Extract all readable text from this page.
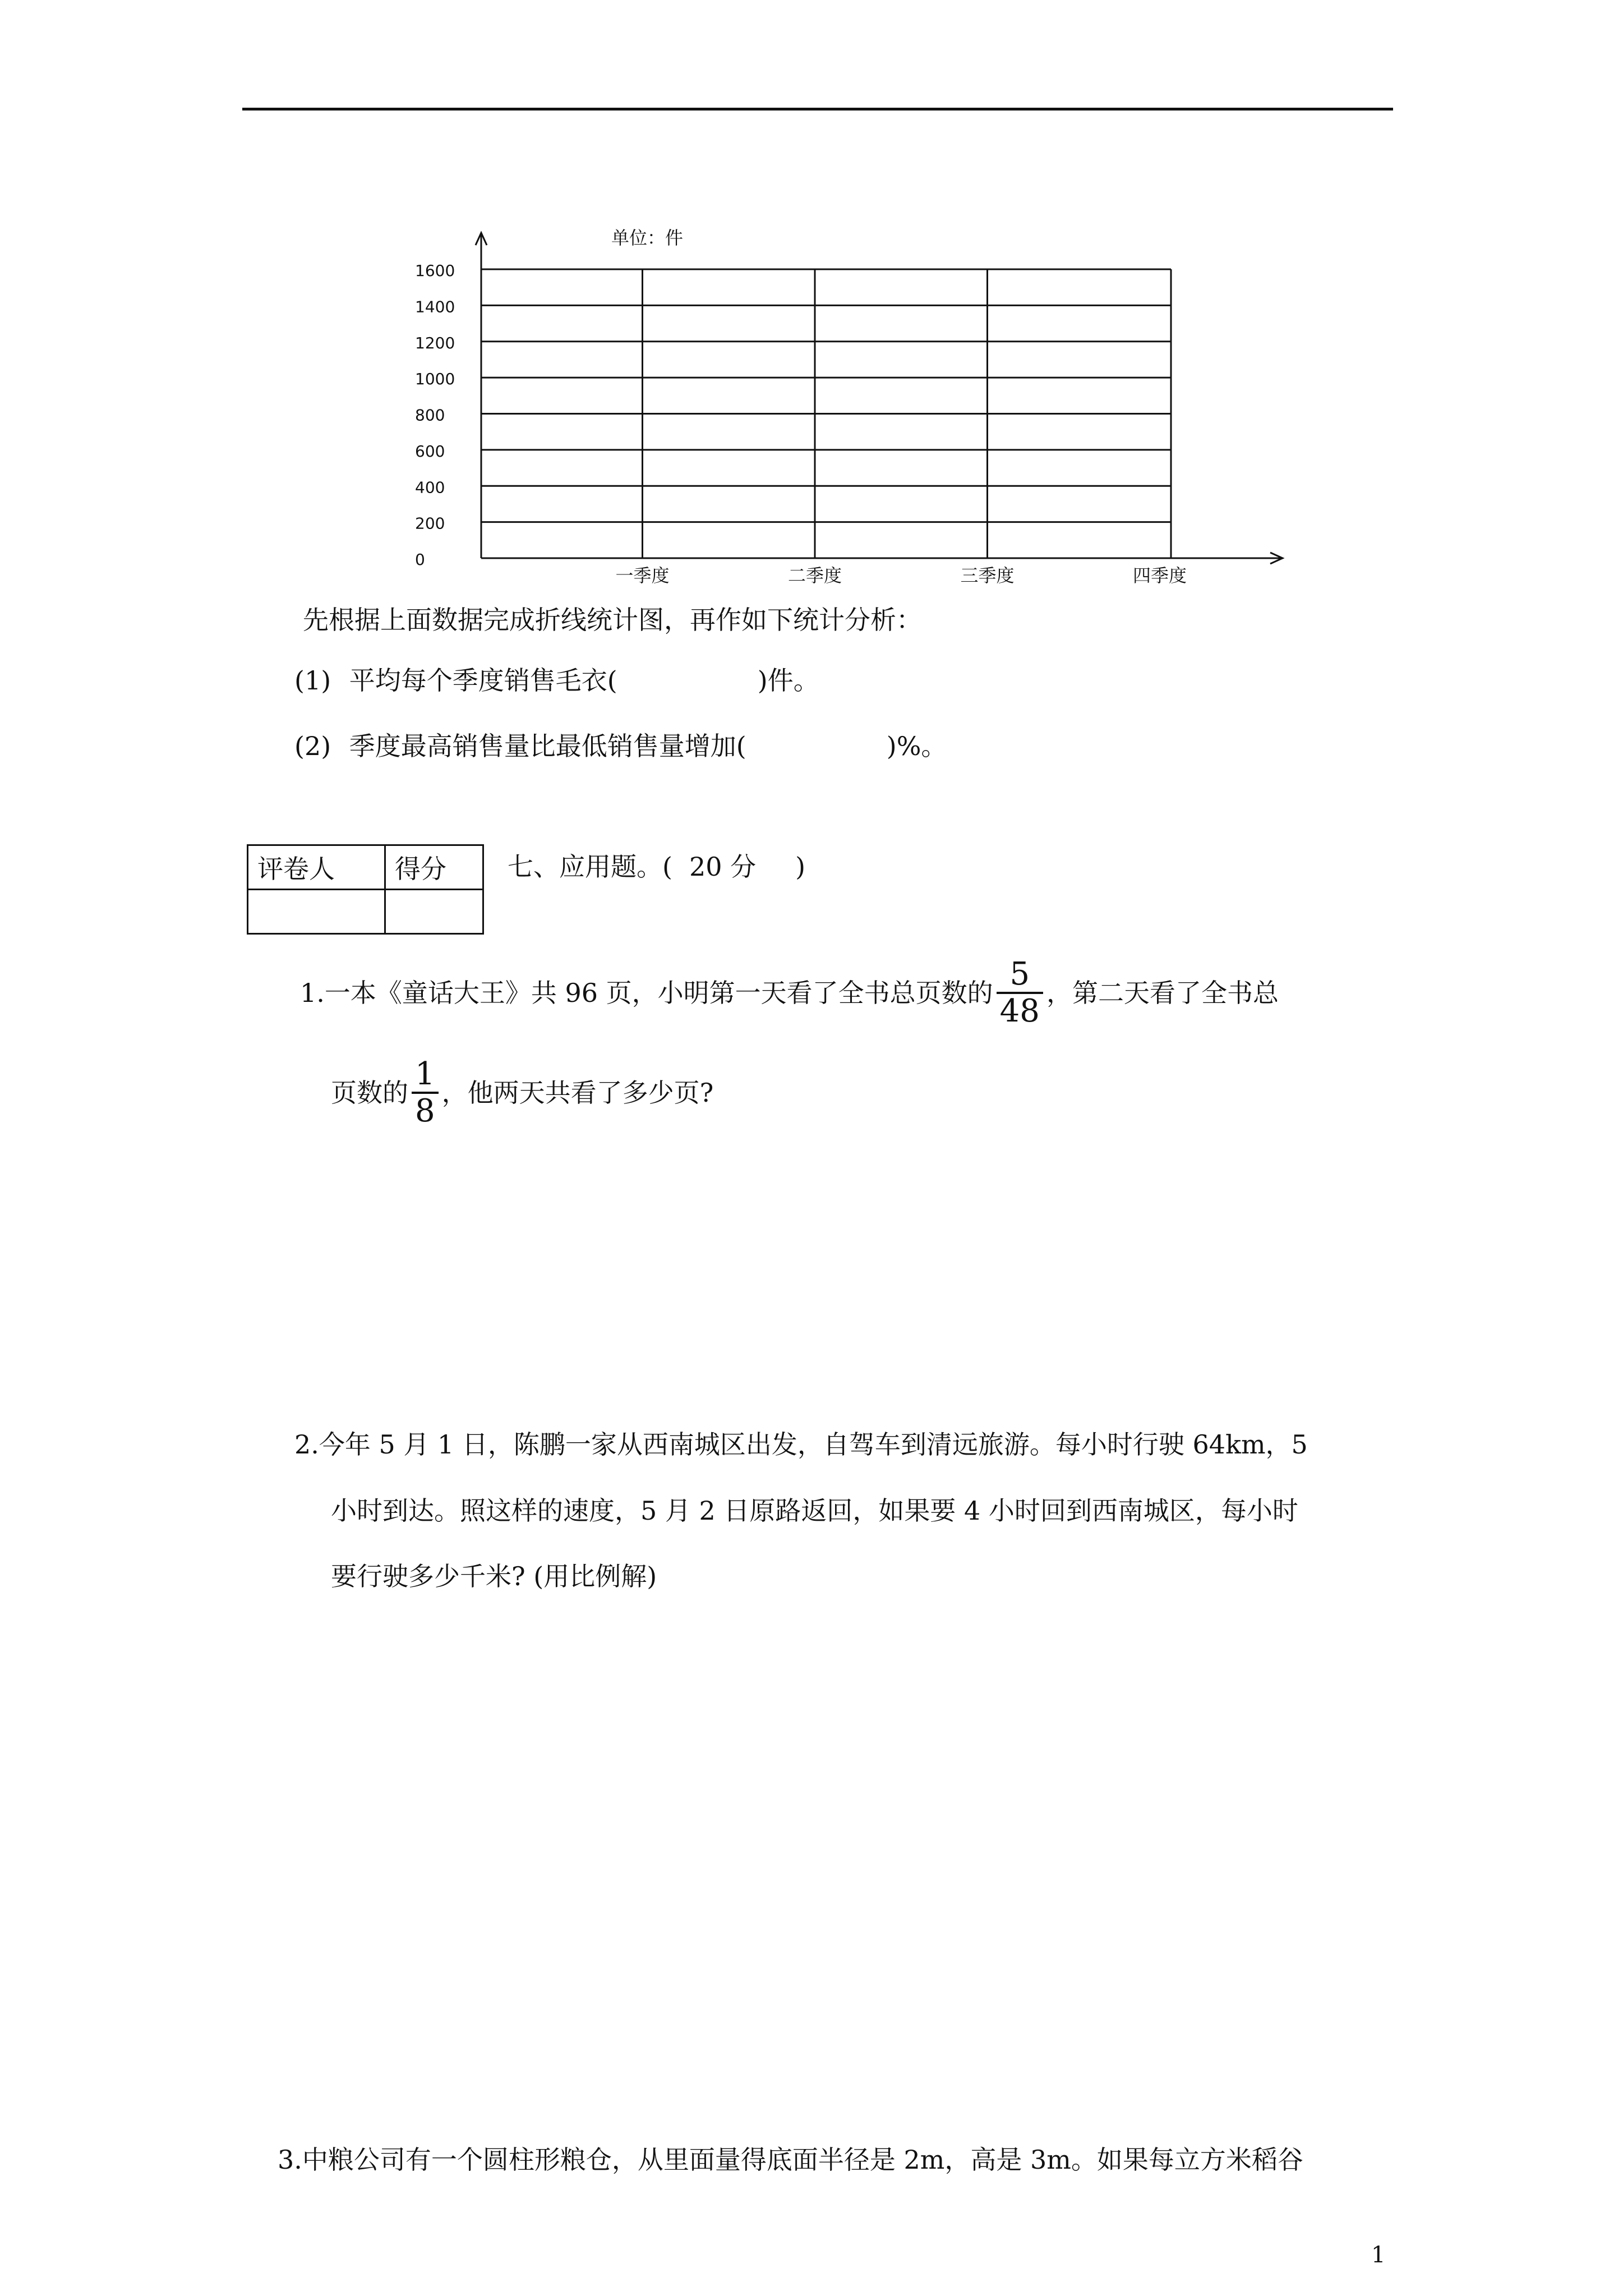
0
200
400
600
800
1000
1200
1400
1600
一季度	二季度	三季度	四季度
单位：件
先根据上面数据完成折线统计图，再作如下统计分析：
(1) 平均每个季度销售毛衣(	)件。
(2) 季度最高销售量比最低销售量增加(	)%。
评卷人	得分
	七、应用题。( 20 分 )
1.一本《童话大王》共 96 页，小明第一天看了全书总页数的 $\frac{5}{48}$ ，第二天看了全书总
页数的 $\frac{1}{8}$ ，他两天共看了多少页?
2.今年 5 月 1 日，陈鹏一家从西南城区出发，自驾车到清远旅游。每小时行驶 64km，5
小时到达。照这样的速度，5 月 2 日原路返回，如果要 4 小时回到西南城区，每小时
要行驶多少千米? (用比例解)
3.中粮公司有一个圆柱形粮仓，从里面量得底面半径是 2m，高是 3m。如果每立方米稻谷
1
